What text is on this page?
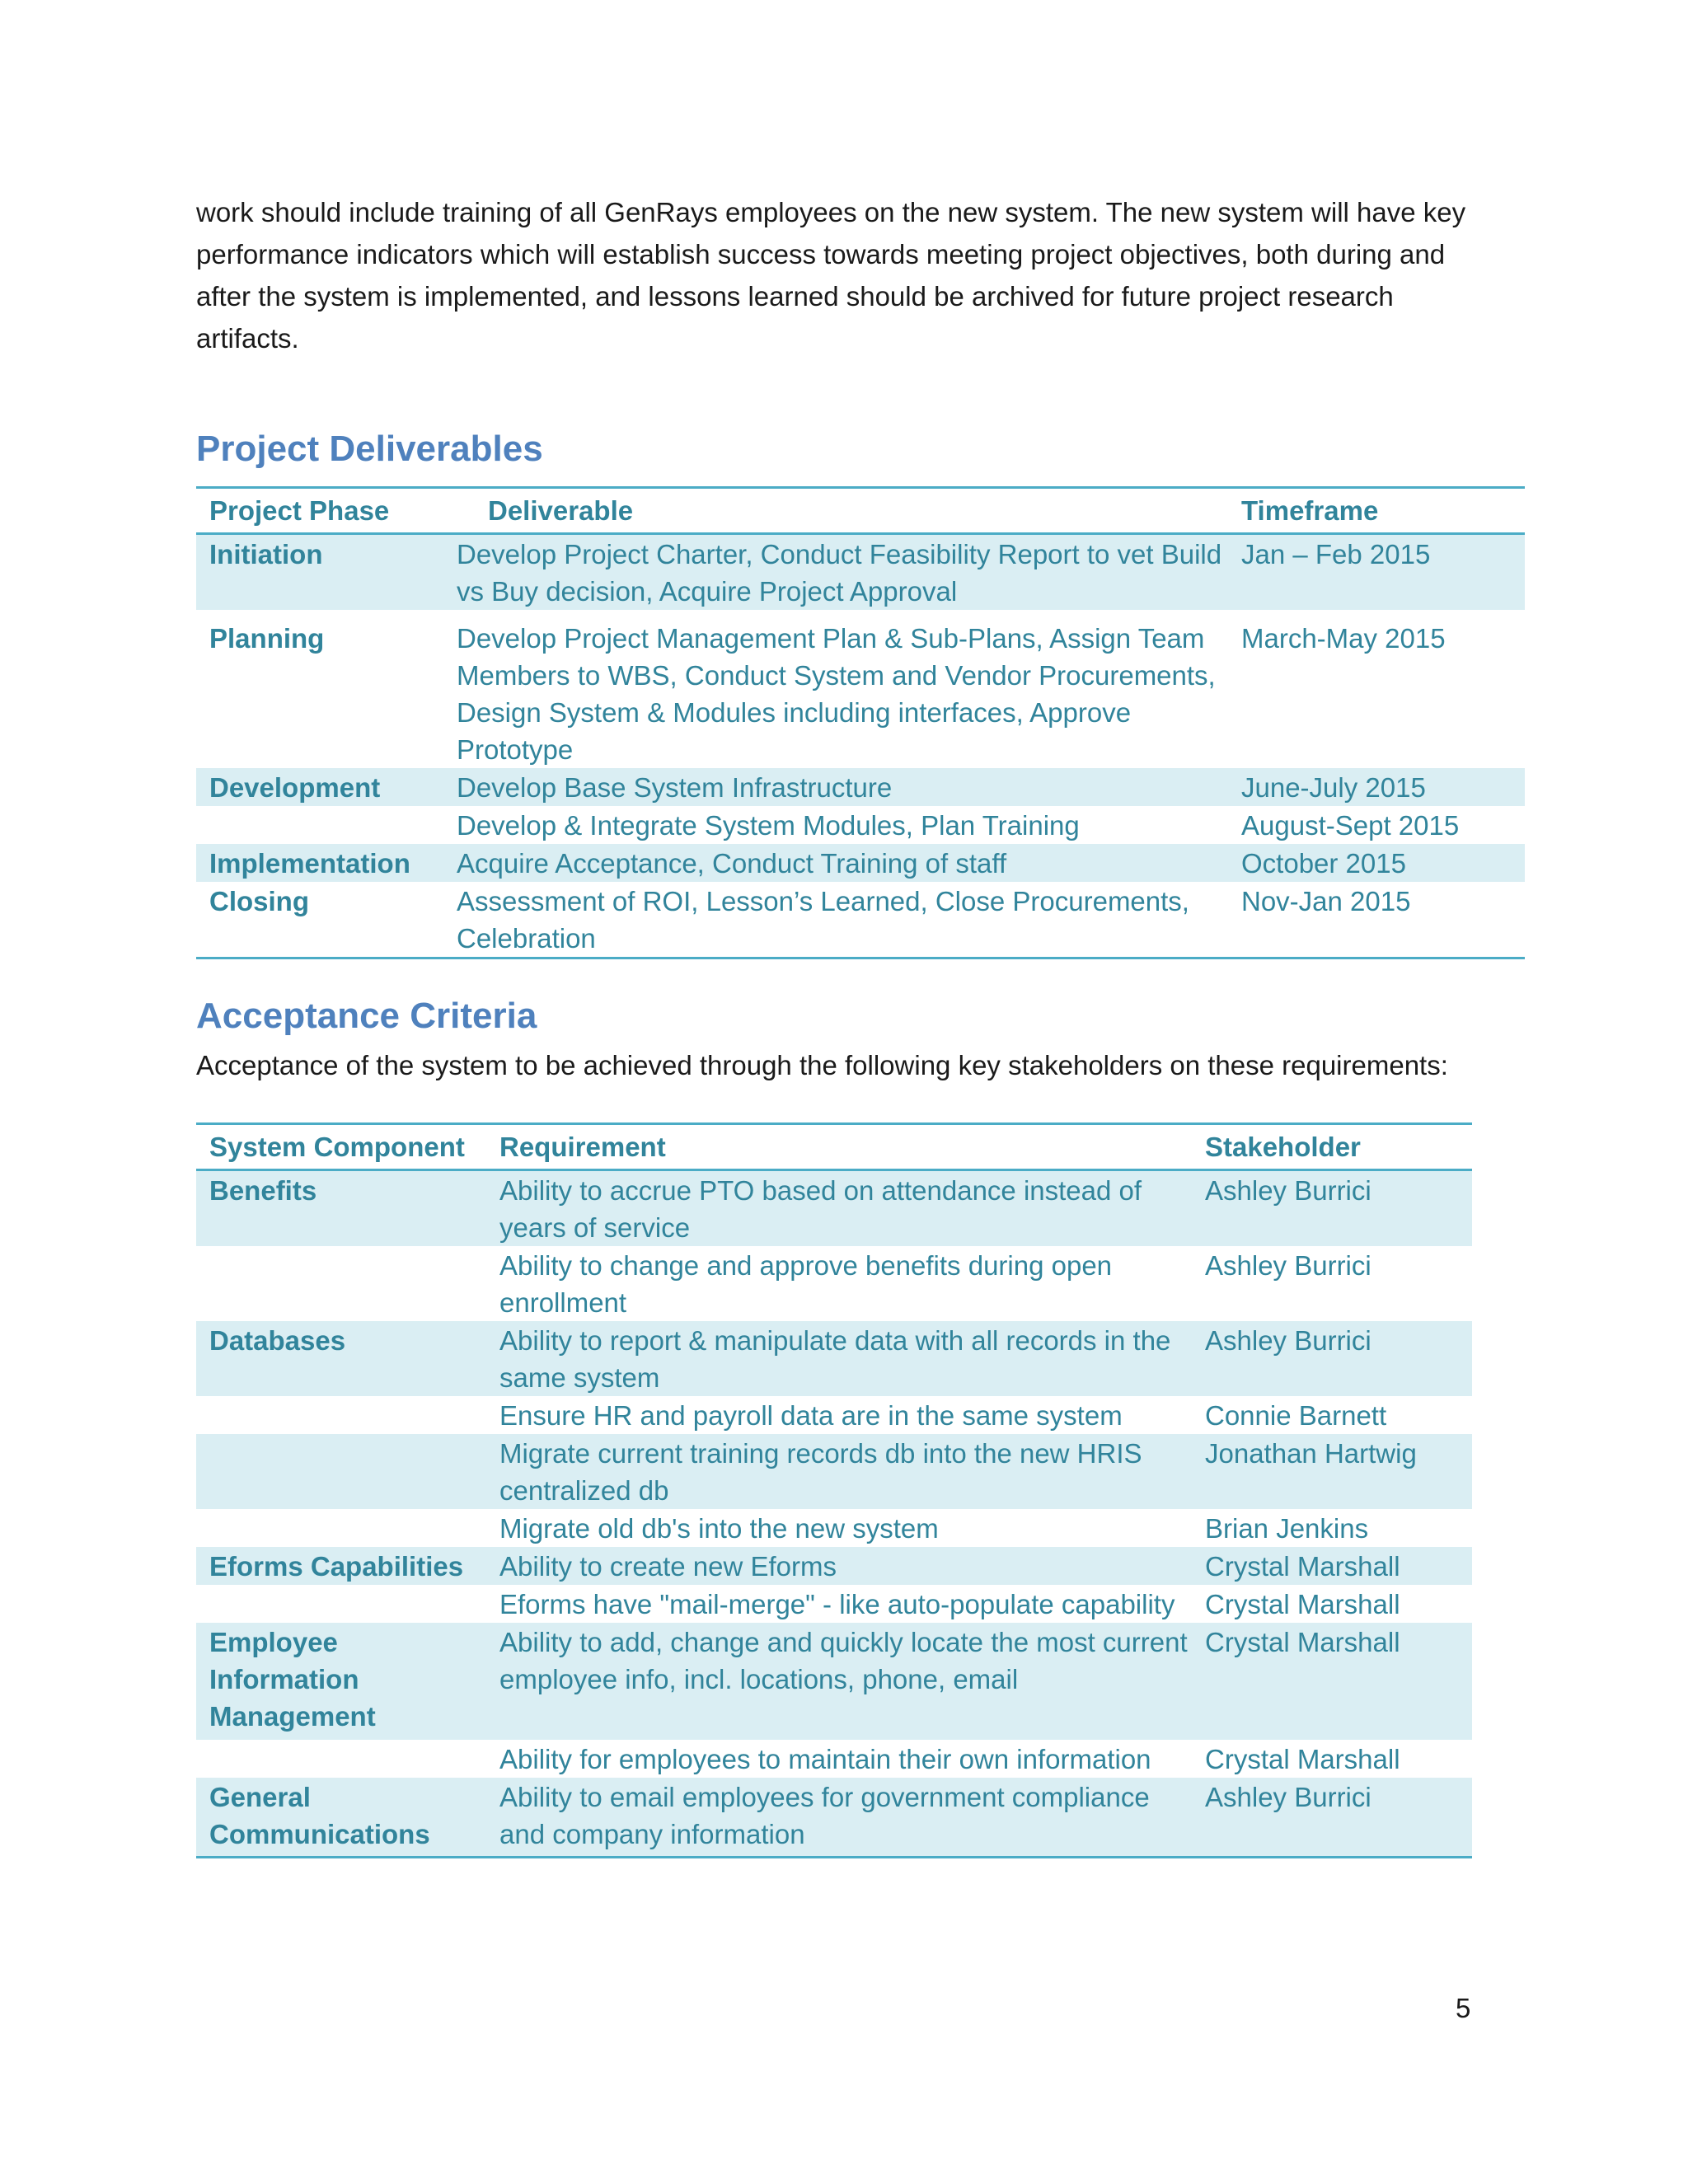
work should include training of all GenRays employees on the new system. The new system will have key performance indicators which will establish success towards meeting project objectives, both during and after the system is implemented, and lessons learned should be archived for future project research artifacts.

Project Deliverables
Project Phase	Deliverable	Timeframe
Initiation	Develop Project Charter, Conduct Feasibility Report to vet Build vs Buy decision, Acquire Project Approval	Jan – Feb 2015
Planning	Develop Project Management Plan & Sub-Plans, Assign Team Members to WBS, Conduct System and Vendor Procurements, Design System & Modules including interfaces, Approve Prototype	March-May 2015
Development	Develop Base System Infrastructure	June-July 2015
	Develop & Integrate System Modules, Plan Training	August-Sept 2015
Implementation	Acquire Acceptance, Conduct Training of staff	October 2015
Closing	Assessment of ROI, Lesson’s Learned, Close Procurements, Celebration	Nov-Jan 2015
Acceptance Criteria

Acceptance of the system to be achieved through the following key stakeholders on these requirements:

System Component	Requirement	Stakeholder
Benefits	Ability to accrue PTO based on attendance instead of years of service	Ashley Burrici
	Ability to change and approve benefits during open enrollment	Ashley Burrici
Databases	Ability to report & manipulate data with all records in the same system	Ashley Burrici
	Ensure HR and payroll data are in the same system	Connie Barnett
	Migrate current training records db into the new HRIS centralized db	Jonathan Hartwig
	Migrate old db's into the new system	Brian Jenkins
Eforms Capabilities	Ability to create new Eforms	Crystal Marshall
	Eforms have "mail-merge" - like auto-populate capability	Crystal Marshall
Employee Information Management	Ability to add, change and quickly locate the most current employee info, incl. locations, phone, email	Crystal Marshall
	Ability for employees to maintain their own information	Crystal Marshall
General Communications	Ability to email employees for government compliance and company information	Ashley Burrici
5
